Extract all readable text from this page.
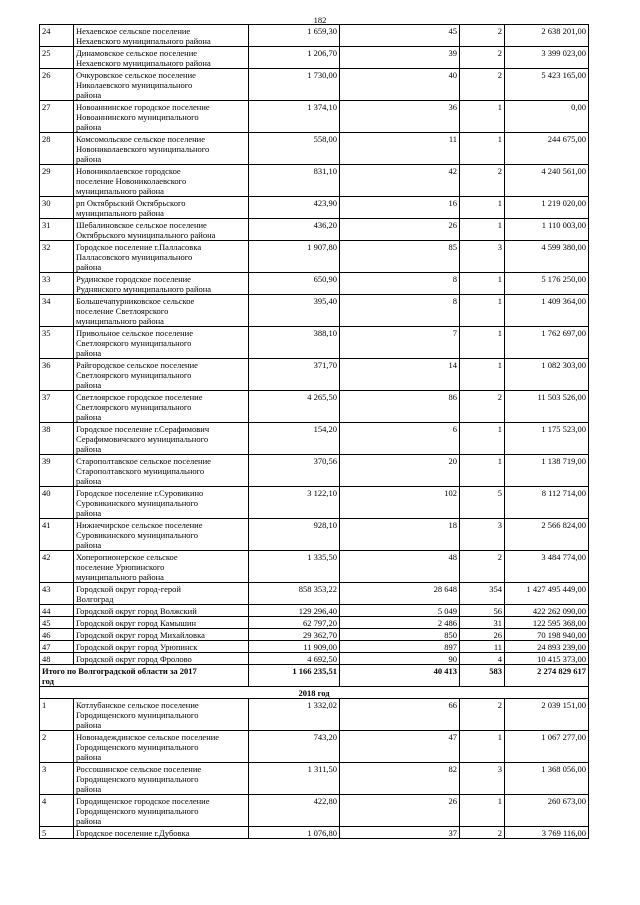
182
24	Нехаевское сельское поселение
Нехаевского муниципального района	1 659,30	45	2	2 638 201,00
25	Динамовское сельское поселение
Нехаевского муниципального района	1 206,70	39	2	3 399 023,00
26	Очкуровское сельское поселение
Николаевского муниципального
района	1 730,00	40	2	5 423 165,00
27	Новоаннинское городское поселение
Новоаннинского муниципального
района	1 374,10	36	1	0,00
28	Комсомольское сельское поселение
Новониколаевского муниципального
района	558,00	11	1	244 675,00
29	Новониколаевское городское
поселение Новониколаевского
муниципального района	831,10	42	2	4 240 561,00
30	рп Октябрьский Октябрьского
муниципального района	423,90	16	1	1 219 020,00
31	Шебалиновское сельское поселение
Октябрьского муниципального района	436,20	26	1	1 110 003,00
32	Городское поселение г.Палласовка
Палласовского муниципального
района	1 907,80	85	3	4 599 380,00
33	Рудинское городское поселение
Руднянского муниципального района	650,90	8	1	5 176 250,00
34	Большечапурниковское сельское
поселение Светлоярского
муниципального района	395,40	8	1	1 409 364,00
35	Привольное сельское поселение
Светлоярского муниципального
района	388,10	7	1	1 762 697,00
36	Райгородское сельское поселение
Светлоярского муниципального
района	371,70	14	1	1 082 303,00
37	Светлоярское городское поселение
Светлоярского муниципального
района	4 265,50	86	2	11 503 526,00
38	Городское поселение г.Серафимович
Серафимовичского муниципального
района	154,20	6	1	1 175 523,00
39	Старополтавское сельское поселение
Старополтавского муниципального
района	370,56	20	1	1 138 719,00
40	Городское поселение г.Суровикино
Суровикинского муниципального
района	3 122,10	102	5	8 112 714,00
41	Нижнечирское сельское поселение
Суровикинского муниципального
района	928,10	18	3	2 566 824,00
42	Хоперопионерское сельское
поселение Урюпинского
муниципального района	1 335,50	48	2	3 484 774,00
43	Городской округ город-герой
Волгоград	858 353,22	28 648	354	1 427 495 449,00
44	Городской округ город Волжский	129 296,40	5 049	56	422 262 090,00
45	Городской округ город Камышин	62 797,20	2 486	31	122 595 368,00
46	Городской округ город Михайловка	29 362,70	850	26	70 198 940,00
47	Городской округ город Урюпинск	11 909,00	897	11	24 893 239,00
48	Городской округ город Фролово	4 692,50	90	4	10 415 373,00
Итого по Волгоградской области за 2017
год		1 166 235,51	40 413	583	2 274 829 617
2018 год					
1	Котлубанское сельское поселение
Городищенского муниципального
района	1 332,02	66	2	2 039 151,00
2	Новонадеждинское сельское поселение
Городищенского муниципального
района	743,20	47	1	1 067 277,00
3	Россошинское сельское поселение
Городищенского муниципального
района	1 311,50	82	3	1 368 056,00
4	Городищенское городское поселение
Городищенского муниципального
района	422,80	26	1	260 673,00
5	Городское поселение г.Дубовка	1 076,80	37	2	3 769 116,00
